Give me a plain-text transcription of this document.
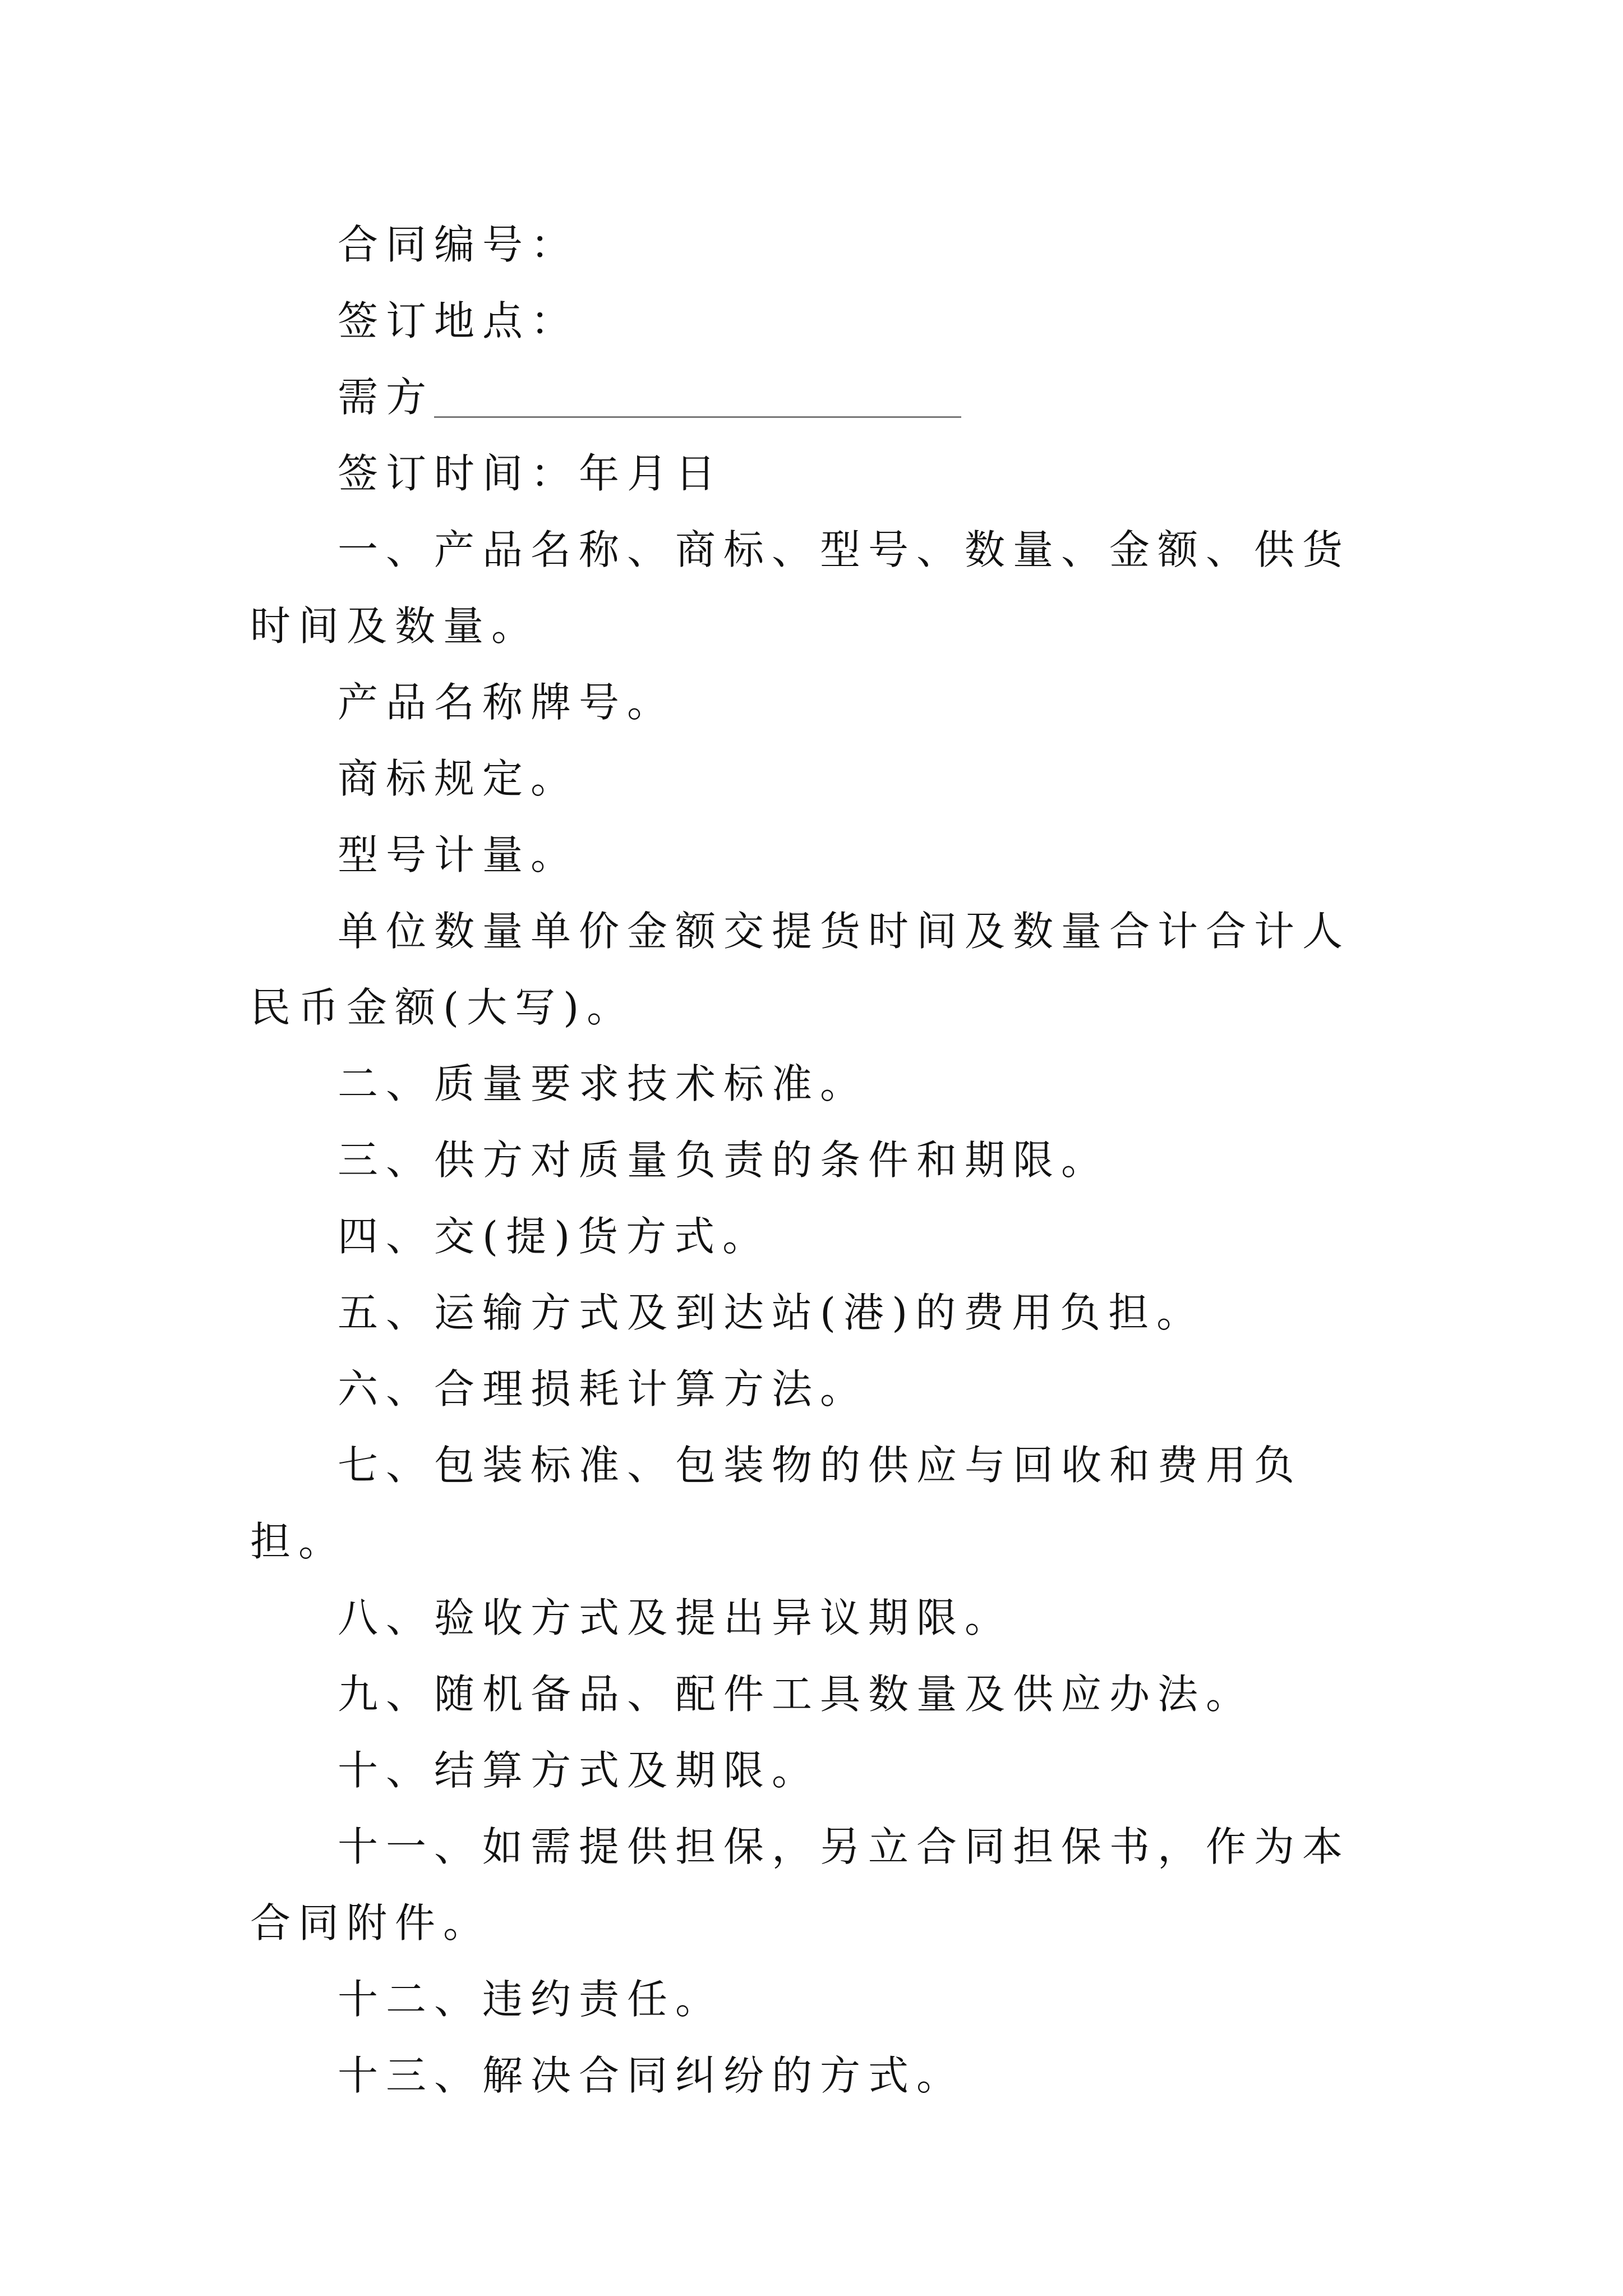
合同编号：

签订地点：

需方

签订时间：年月日

一、产品名称、商标、型号、数量、金额、供货时间及数量。

产品名称牌号。

商标规定。

型号计量。

单位数量单价金额交提货时间及数量合计合计人民币金额(大写)。

二、质量要求技术标准。

三、供方对质量负责的条件和期限。

四、交(提)货方式。

五、运输方式及到达站(港)的费用负担。

六、合理损耗计算方法。

七、包装标准、包装物的供应与回收和费用负担。

八、验收方式及提出异议期限。

九、随机备品、配件工具数量及供应办法。

十、结算方式及期限。

十一、如需提供担保，另立合同担保书，作为本合同附件。

十二、违约责任。

十三、解决合同纠纷的方式。
